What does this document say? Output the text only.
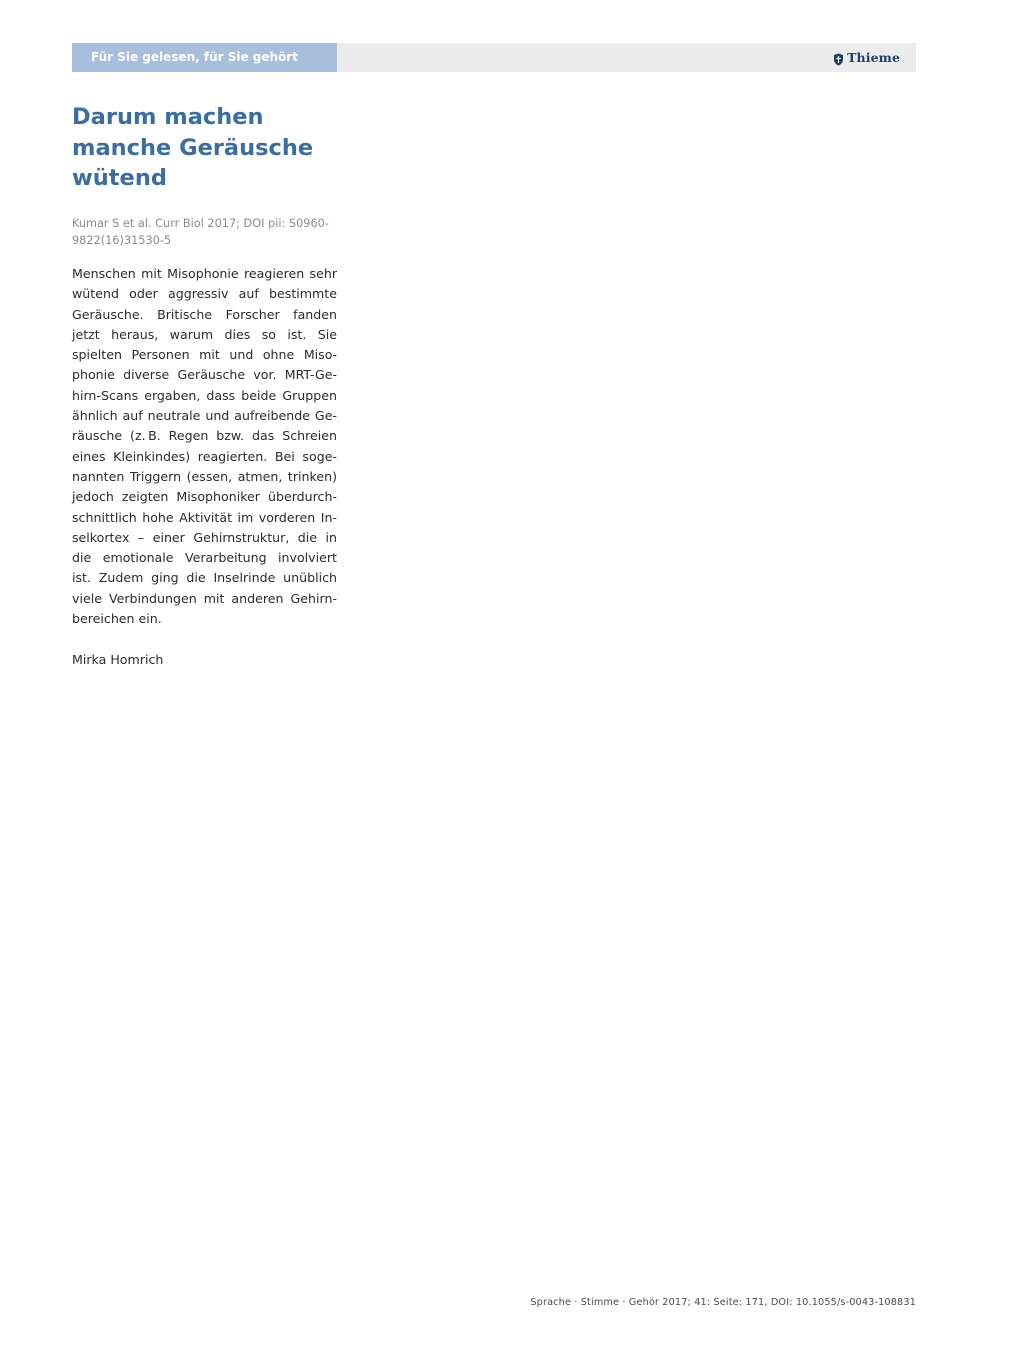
Für Sie gelesen, für Sie gehört	Thieme
Darum machen manche Geräusche wütend
Kumar S et al. Curr Biol 2017; DOI pii: S0960-9822(16)31530-5

Menschen mit Misophonie reagieren sehr wütend oder aggressiv auf bestimmte Geräusche. Britische Forscher fanden jetzt heraus, warum dies so ist. Sie spielten Personen mit und ohne Misophonie diverse Geräusche vor. MRT-Gehirn-Scans ergaben, dass beide Gruppen ähnlich auf neutrale und aufreibende Geräusche (z. B. Regen bzw. das Schreien eines Kleinkindes) reagierten. Bei sogenannten Triggern (essen, atmen, trinken) jedoch zeigten Misophoniker überdurchschnittlich hohe Aktivität im vorderen Inselkortex – einer Gehirnstruktur, die in die emotionale Verarbeitung involviert ist. Zudem ging die Inselrinde unüblich viele Verbindungen mit anderen Gehirnbereichen ein.

Mirka Homrich
Sprache · Stimme · Gehör 2017; 41: Seite: 171, DOI: 10.1055/s-0043-108831
